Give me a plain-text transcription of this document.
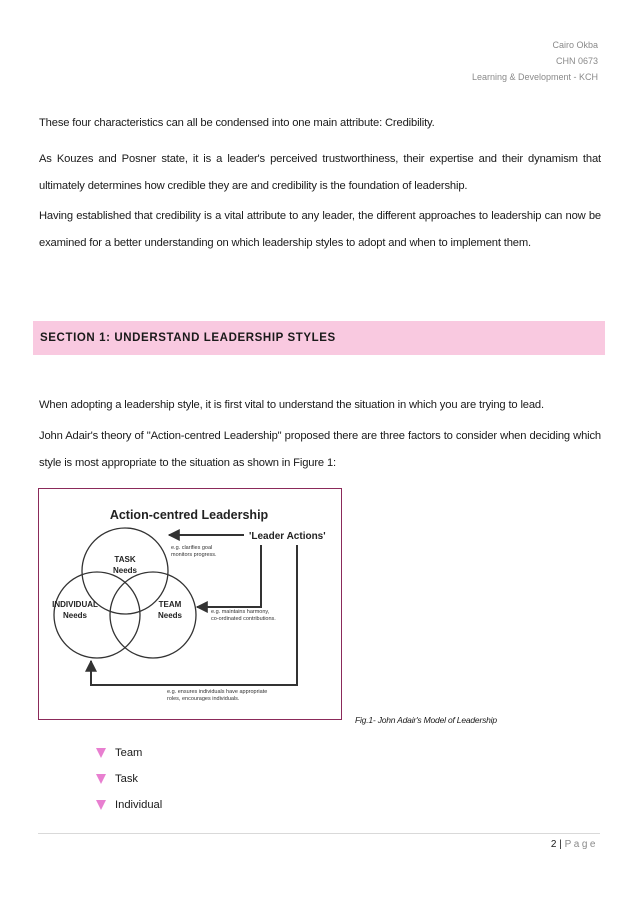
Cairo Okba
CHN 0673
Learning & Development - KCH

These four characteristics can all be condensed into one main attribute: Credibility.

As Kouzes and Posner state, it is a leader's perceived trustworthiness, their expertise and their dynamism that ultimately determines how credible they are and credibility is the foundation of leadership.

Having established that credibility is a vital attribute to any leader, the different approaches to leadership can now be examined for a better understanding on which leadership styles to adopt and when to implement them.

SECTION 1: UNDERSTAND LEADERSHIP STYLES

When adopting a leadership style, it is first vital to understand the situation in which you are trying to lead.

John Adair's theory of "Action-centred Leadership" proposed there are three factors to consider when deciding which style is most appropriate to the situation as shown in Figure 1:

Action-centred Leadership
TASK
Needs
INDIVIDUAL
Needs
TEAM
Needs
'Leader Actions'
e.g. clarifies goal
monitors progress.
e.g. maintains harmony,
co-ordinated contributions.
e.g. ensures individuals have appropriate
roles, encourages individuals.
Fig.1- John Adair's Model of Leadership
Team
Task
Individual
2 | Page
